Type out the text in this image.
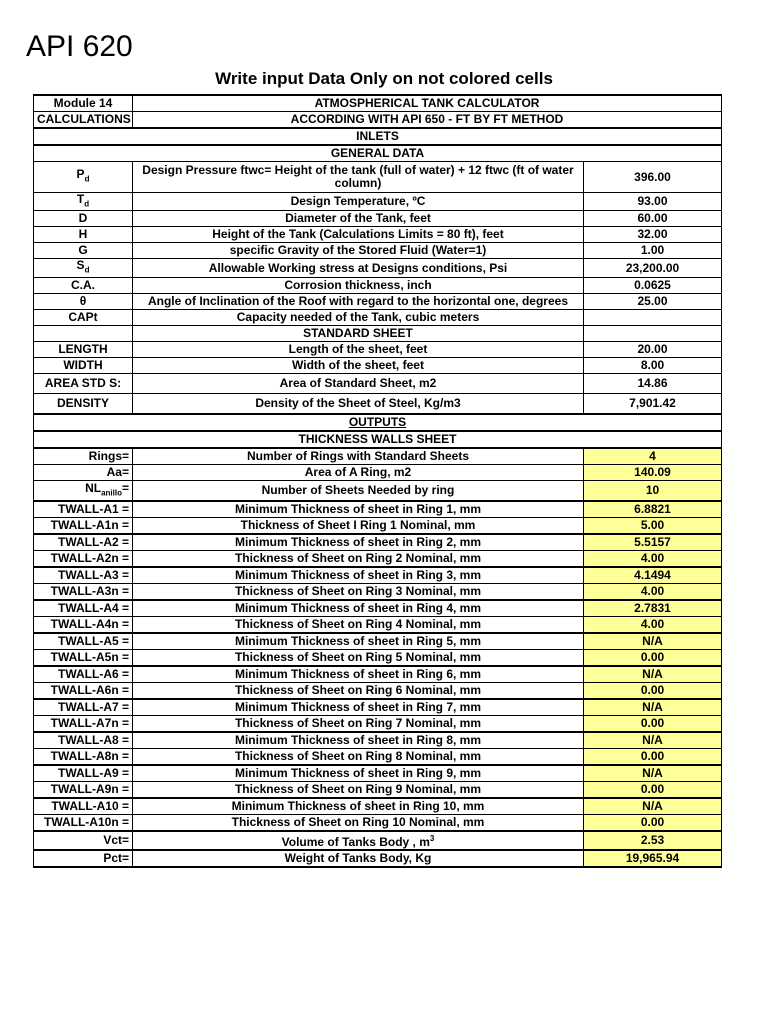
API 620
Write input Data Only on not colored cells
Module 14	ATMOSPHERICAL TANK CALCULATOR	
CALCULATIONS	ACCORDING WITH API 650 - FT BY FT METHOD	
INLETS		
GENERAL DATA		
$P_d$	Design Pressure ftwc= Height of the tank (full of water) + 12 ftwc (ft of water column)	396.00
$T_d$	Design Temperature, ºC	93.00
D	Diameter of the Tank, feet	60.00
H	Height of the Tank (Calculations Limits = 80 ft), feet	32.00
G	specific Gravity of the Stored Fluid (Water=1)	1.00
$S_d$	Allowable Working stress at Designs conditions, Psi	23,200.00
C.A.	Corrosion thickness, inch	0.0625
θ	Angle of Inclination of the Roof with regard to the horizontal one, degrees	25.00
CAPt	Capacity needed of the Tank, cubic meters	
	STANDARD SHEET	
LENGTH	Length of the sheet, feet	20.00
WIDTH	Width of the sheet, feet	8.00
AREA STD S:	Area of Standard Sheet, m2	14.86
DENSITY	Density of the Sheet of Steel, Kg/m3	7,901.42
OUTPUTS		
THICKNESS WALLS SHEET		
Rings=	Number of Rings with Standard Sheets	4
Aa=	Area of A Ring, m2	140.09
$NL_{anillo}=$	Number of Sheets Needed by ring	10
TWALL-A1 =	Minimum Thickness of sheet in Ring 1, mm	6.8821
TWALL-A1n =	Thickness of Sheet I Ring 1 Nominal, mm	5.00
TWALL-A2 =	Minimum Thickness of sheet in Ring 2, mm	5.5157
TWALL-A2n =	Thickness of Sheet on Ring 2 Nominal, mm	4.00
TWALL-A3 =	Minimum Thickness of sheet in Ring 3, mm	4.1494
TWALL-A3n =	Thickness of Sheet on Ring 3 Nominal, mm	4.00
TWALL-A4 =	Minimum Thickness of sheet in Ring 4, mm	2.7831
TWALL-A4n =	Thickness of Sheet on Ring 4 Nominal, mm	4.00
TWALL-A5 =	Minimum Thickness of sheet in Ring 5, mm	N/A
TWALL-A5n =	Thickness of Sheet on Ring 5 Nominal, mm	0.00
TWALL-A6 =	Minimum Thickness of sheet in Ring 6, mm	N/A
TWALL-A6n =	Thickness of Sheet on Ring 6 Nominal, mm	0.00
TWALL-A7 =	Minimum Thickness of sheet in Ring 7, mm	N/A
TWALL-A7n =	Thickness of Sheet on Ring 7 Nominal, mm	0.00
TWALL-A8 =	Minimum Thickness of sheet in Ring 8, mm	N/A
TWALL-A8n =	Thickness of Sheet on Ring 8 Nominal, mm	0.00
TWALL-A9 =	Minimum Thickness of sheet in Ring 9, mm	N/A
TWALL-A9n =	Thickness of Sheet on Ring 9 Nominal, mm	0.00
TWALL-A10 =	Minimum Thickness of sheet in Ring 10, mm	N/A
TWALL-A10n =	Thickness of Sheet on Ring 10 Nominal, mm	0.00
Vct=	Volume of Tanks Body , $m^3$	2.53
Pct=	Weight of Tanks Body, Kg	19,965.94
